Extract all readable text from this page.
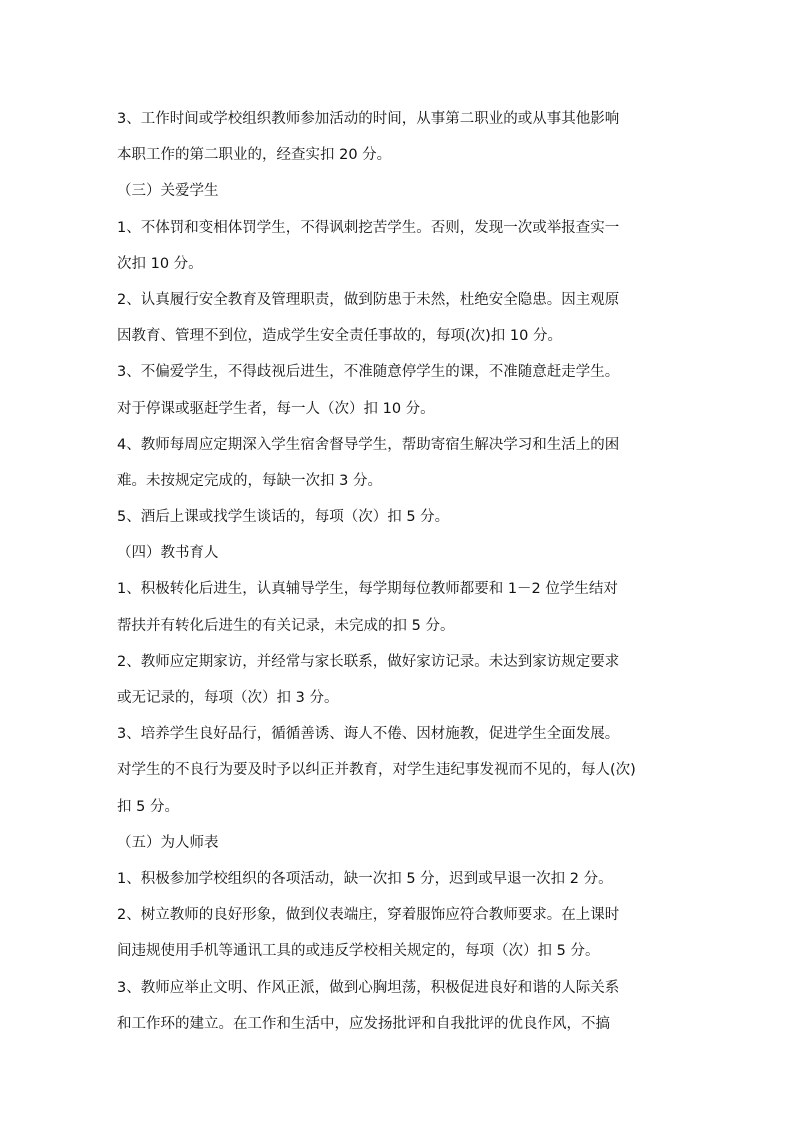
3、工作时间或学校组织教师参加活动的时间，从事第二职业的或从事其他影响
本职工作的第二职业的，经查实扣 20 分。
（三）关爱学生
1、不体罚和变相体罚学生，不得讽刺挖苦学生。否则，发现一次或举报查实一
次扣 10 分。
2、认真履行安全教育及管理职责，做到防患于未然，杜绝安全隐患。因主观原
因教育、管理不到位，造成学生安全责任事故的，每项(次)扣 10 分。
3、不偏爱学生，不得歧视后进生，不准随意停学生的课，不准随意赶走学生。
对于停课或驱赶学生者，每一人（次）扣 10 分。
4、教师每周应定期深入学生宿舍督导学生，帮助寄宿生解决学习和生活上的困
难。未按规定完成的，每缺一次扣 3 分。
5、酒后上课或找学生谈话的，每项（次）扣 5 分。
（四）教书育人
1、积极转化后进生，认真辅导学生，每学期每位教师都要和 1－2 位学生结对
帮扶并有转化后进生的有关记录，未完成的扣 5 分。
2、教师应定期家访，并经常与家长联系，做好家访记录。未达到家访规定要求
或无记录的，每项（次）扣 3 分。
3、培养学生良好品行，循循善诱、诲人不倦、因材施教，促进学生全面发展。
对学生的不良行为要及时予以纠正并教育，对学生违纪事发视而不见的，每人(次)
扣 5 分。
（五）为人师表
1、积极参加学校组织的各项活动，缺一次扣 5 分，迟到或早退一次扣 2 分。
2、树立教师的良好形象，做到仪表端庄，穿着服饰应符合教师要求。在上课时
间违规使用手机等通讯工具的或违反学校相关规定的，每项（次）扣 5 分。
3、教师应举止文明、作风正派，做到心胸坦荡，积极促进良好和谐的人际关系
和工作环的建立。在工作和生活中，应发扬批评和自我批评的优良作风，不搞
